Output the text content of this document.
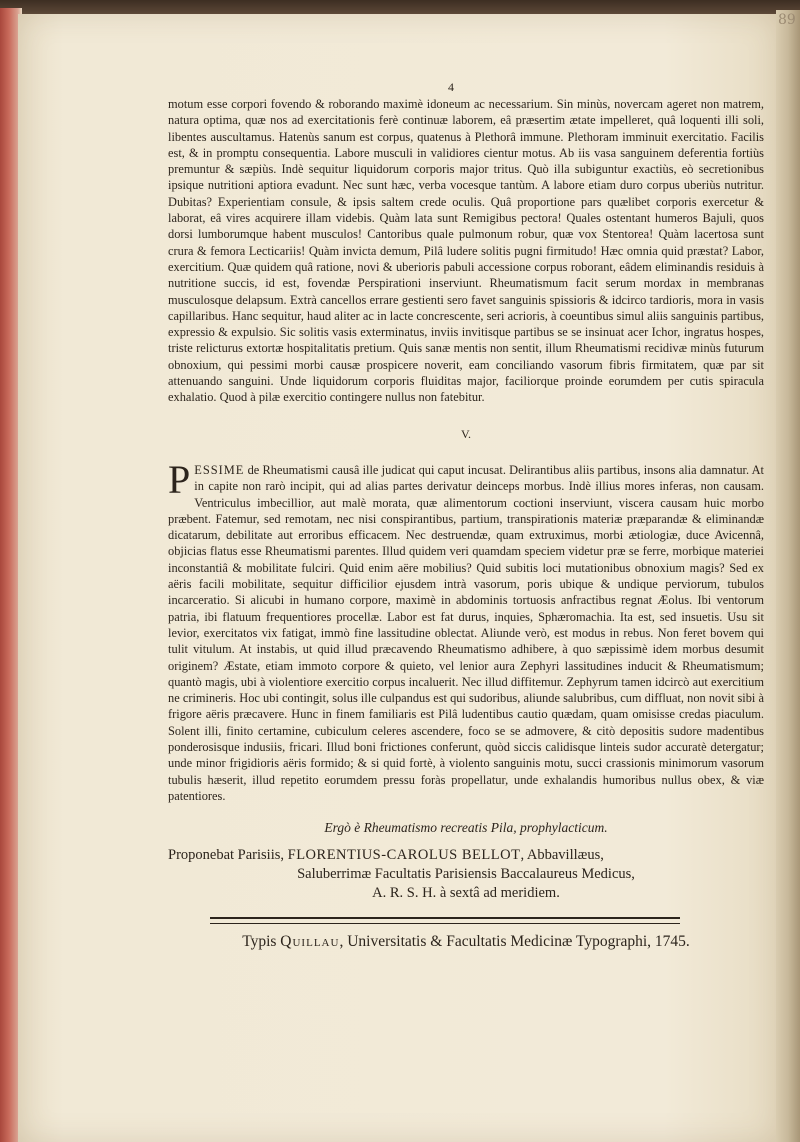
89
4

motum esse corpori fovendo & roborando maximè idoneum ac necessarium. Sin minùs, novercam ageret non matrem, natura optima, quæ nos ad exercitationis ferè continuæ laborem, eâ præsertim ætate impelleret, quâ loquenti illi soli, libentes auscultamus. Hatenùs sanum est corpus, quatenus à Plethorâ immune. Plethoram imminuit exercitatio. Facilis est, & in promptu consequentia. Labore musculi in validiores cientur motus. Ab iis vasa sanguinem deferentia fortiùs premuntur & sæpiùs. Indè sequitur liquidorum corporis major tritus. Quò illa subiguntur exactiùs, eò secretionibus ipsique nutritioni aptiora evadunt. Nec sunt hæc, verba vocesque tantùm. A labore etiam duro corpus uberiùs nutritur. Dubitas? Experientiam consule, & ipsis saltem crede oculis. Quâ proportione pars quælibet corporis exercetur & laborat, eâ vires acquirere illam videbis. Quàm lata sunt Remigibus pectora! Quales ostentant humeros Bajuli, quos dorsi lumborumque habent musculos! Cantoribus quale pulmonum robur, quæ vox Stentorea! Quàm lacertosa sunt crura & femora Lecticariis! Quàm invicta demum, Pilâ ludere solitis pugni firmitudo! Hæc omnia quid præstat? Labor, exercitium. Quæ quidem quâ ratione, novi & uberioris pabuli accessione corpus roborant, eâdem eliminandis residuis à nutritione succis, id est, fovendæ Perspirationi inserviunt. Rheumatismum facit serum mordax in membranas musculosque delapsum. Extrà cancellos errare gestienti sero favet sanguinis spissioris & idcirco tardioris, mora in vasis capillaribus. Hanc sequitur, haud aliter ac in lacte concrescente, seri acrioris, à coeuntibus simul aliis sanguinis partibus, expressio & expulsio. Sic solitis vasis exterminatus, inviis invitisque partibus se se insinuat acer Ichor, ingratus hospes, triste relicturus extortæ hospitalitatis pretium. Quis sanæ mentis non sentit, illum Rheumatismi recidivæ minùs futurum obnoxium, qui pessimi morbi causæ prospicere noverit, eam conciliando vasorum fibris firmitatem, quæ par sit attenuando sanguini. Unde liquidorum corporis fluiditas major, faciliorque proinde eorumdem per cutis spiracula exhalatio. Quod à pilæ exercitio contingere nullus non fatebitur.

V.

PESSIME de Rheumatismi causâ ille judicat qui caput incusat. Delirantibus aliis partibus, insons alia damnatur. At in capite non rarò incipit, qui ad alias partes derivatur deinceps morbus. Indè illius mores inferas, non causam. Ventriculus imbecillior, aut malè morata, quæ alimentorum coctioni inserviunt, viscera causam huic morbo præbent. Fatemur, sed remotam, nec nisi conspirantibus, partium, transpirationis materiæ præparandæ & eliminandæ dicatarum, debilitate aut erroribus efficacem. Nec destruendæ, quam extruximus, morbi ætiologiæ, duce Avicennâ, objicias flatus esse Rheumatismi parentes. Illud quidem veri quamdam speciem videtur præ se ferre, morbique materiei inconstantiâ & mobilitate fulciri. Quid enim aëre mobilius? Quid subitis loci mutationibus obnoxium magis? Sed ex aëris facili mobilitate, sequitur difficilior ejusdem intrà vasorum, poris ubique & undique perviorum, tubulos incarceratio. Si alicubi in humano corpore, maximè in abdominis tortuosis anfractibus regnat Æolus. Ibi ventorum patria, ibi flatuum frequentiores procellæ. Labor est fat durus, inquies, Sphæromachia. Ita est, sed insuetis. Usu sit levior, exercitatos vix fatigat, immò fine lassitudine oblectat. Aliunde verò, est modus in rebus. Non feret bovem qui tulit vitulum. At instabis, ut quid illud præcavendo Rheumatismo adhibere, à quo sæpissimè idem morbus desumit originem? Æstate, etiam immoto corpore & quieto, vel lenior aura Zephyri lassitudines inducit & Rheumatismum; quantò magis, ubi à violentiore exercitio corpus incaluerit. Nec illud diffitemur. Zephyrum tamen idcircò aut exercitium ne crimineris. Hoc ubi contingit, solus ille culpandus est qui sudoribus, aliunde salubribus, cum diffluat, non novit sibi à frigore aëris præcavere. Hunc in finem familiaris est Pilâ ludentibus cautio quædam, quam omisisse credas piaculum. Solent illi, finito certamine, cubiculum celeres ascendere, foco se se admovere, & citò depositis sudore madentibus ponderosisque indusiis, fricari. Illud boni frictiones conferunt, quòd siccis calidisque linteis sudor accuratè detergatur; unde minor frigidioris aëris formido; & si quid fortè, à violento sanguinis motu, succi crassionis minimorum vasorum tubulis hæserit, illud repetito eorumdem pressu foràs propellatur, unde exhalandis humoribus nullus obex, & viæ patentiores.

Ergò è Rheumatismo recreatis Pila, prophylacticum.
Proponebat Parisiis, FLORENTIUS-CAROLUS BELLOT, Abbavillæus,
Saluberrimæ Facultatis Parisiensis Baccalaureus Medicus,
A. R. S. H. à sextâ ad meridiem.
Typis Quillau, Universitatis & Facultatis Medicinæ Typographi, 1745.
